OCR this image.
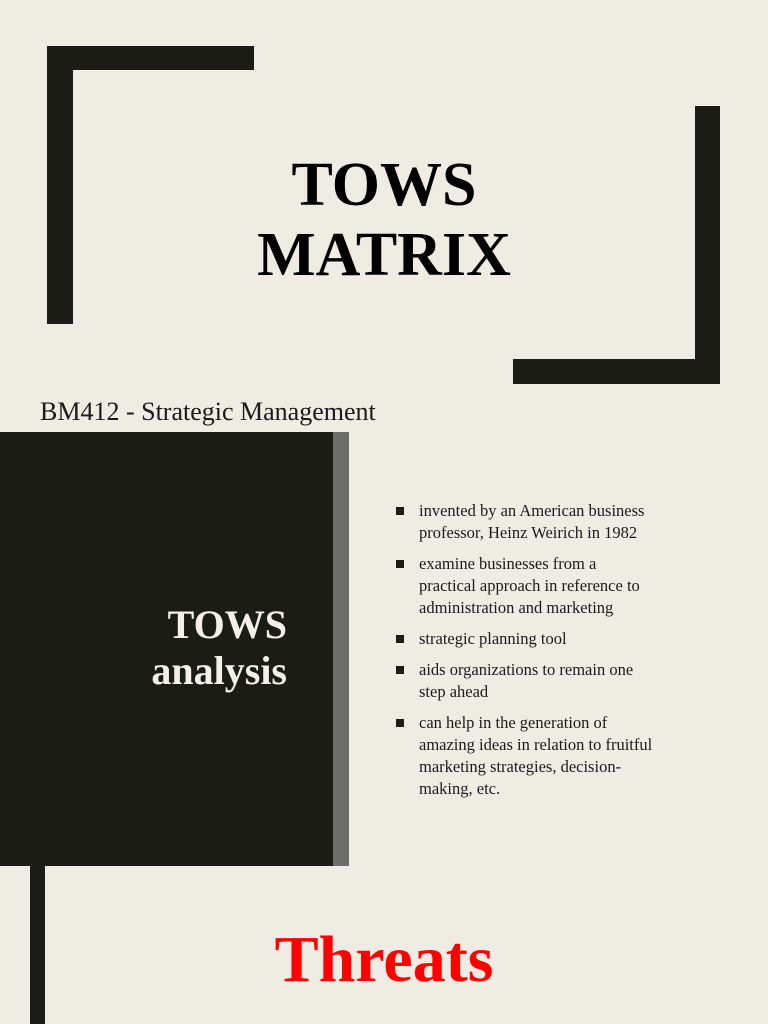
TOWS
MATRIX

BM412 - Strategic Management

TOWS
analysis
invented by an American business
professor, Heinz Weirich in 1982
examine businesses from a
practical approach in reference to
administration and marketing
strategic planning tool
aids organizations to remain one
step ahead
can help in the generation of
amazing ideas in relation to fruitful
marketing strategies, decision-
making, etc.
Threats
